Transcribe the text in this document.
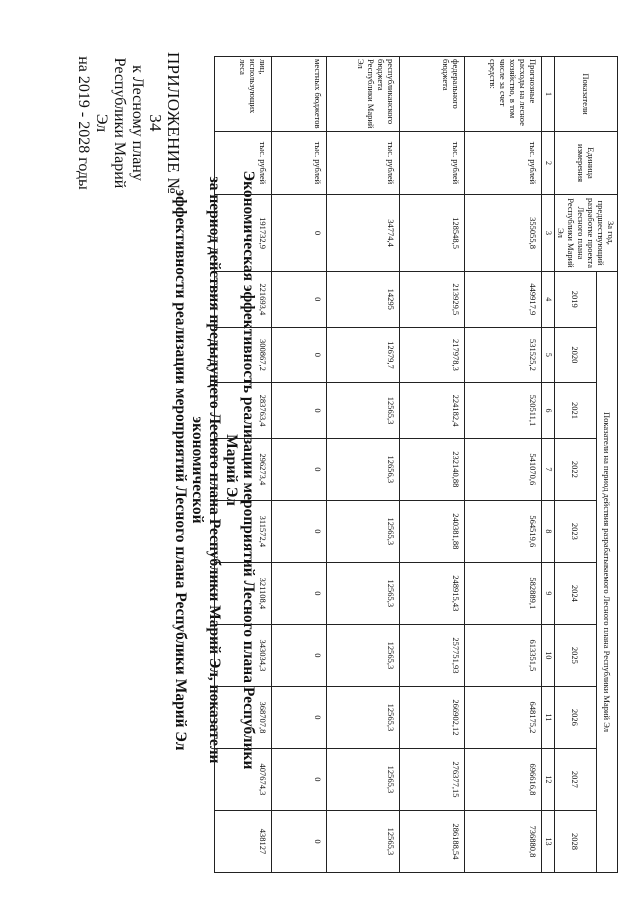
ПРИЛОЖЕНИЕ № 34
к Лесному плану
Республики Марий Эл
на 2019 - 2028 годы
Экономическая эффективность реализации мероприятий Лесного плана Республики Марий Эл
за период действия предыдущего Лесного плана Республики Марий Эл, показатели экономической
эффективности реализации мероприятий Лесного плана Республики Марий Эл
Показатели	Единица измерения	За год, предшествующий разработке проекта Лесного плана Республики Марий Эл	Показатели на период действия разрабатываемого Лесного плана Республики Марий Эл									
			2019	2020	2021	2022	2023	2024	2025	2026	2027	2028
1	2	3	4	5	6	7	8	9	10	11	12	13
Прогнозные расходы на лесное хозяйство, в том числе за счет средств:	тыс. рублей	355055,8	449917,9	531525,2	520511,1	541070,6	564519,6	582889,1	613351,5	648175,2	696616,8	736880,8
федерального бюджета	тыс. рублей	128548,5	213929,5	217978,3	224182,4	232140,88	240381,88	248915,43	257751,93	266902,12	276377,15	286188,54
республиканского бюджета Республики Марий Эл	тыс. рублей	34774,4	14295	12679,7	12565,3	12656,3	12565,3	12565,3	12565,3	12565,3	12565,3	12565,3
местных бюджетов	тыс. рублей	0	0	0	0	0	0	0	0	0	0	0
лиц, использующих леса	тыс. рублей	191732,9	221693,4	300867,2	283763,4	296273,4	311572,4	321108,4	343034,3	368707,8	407674,3	438127
